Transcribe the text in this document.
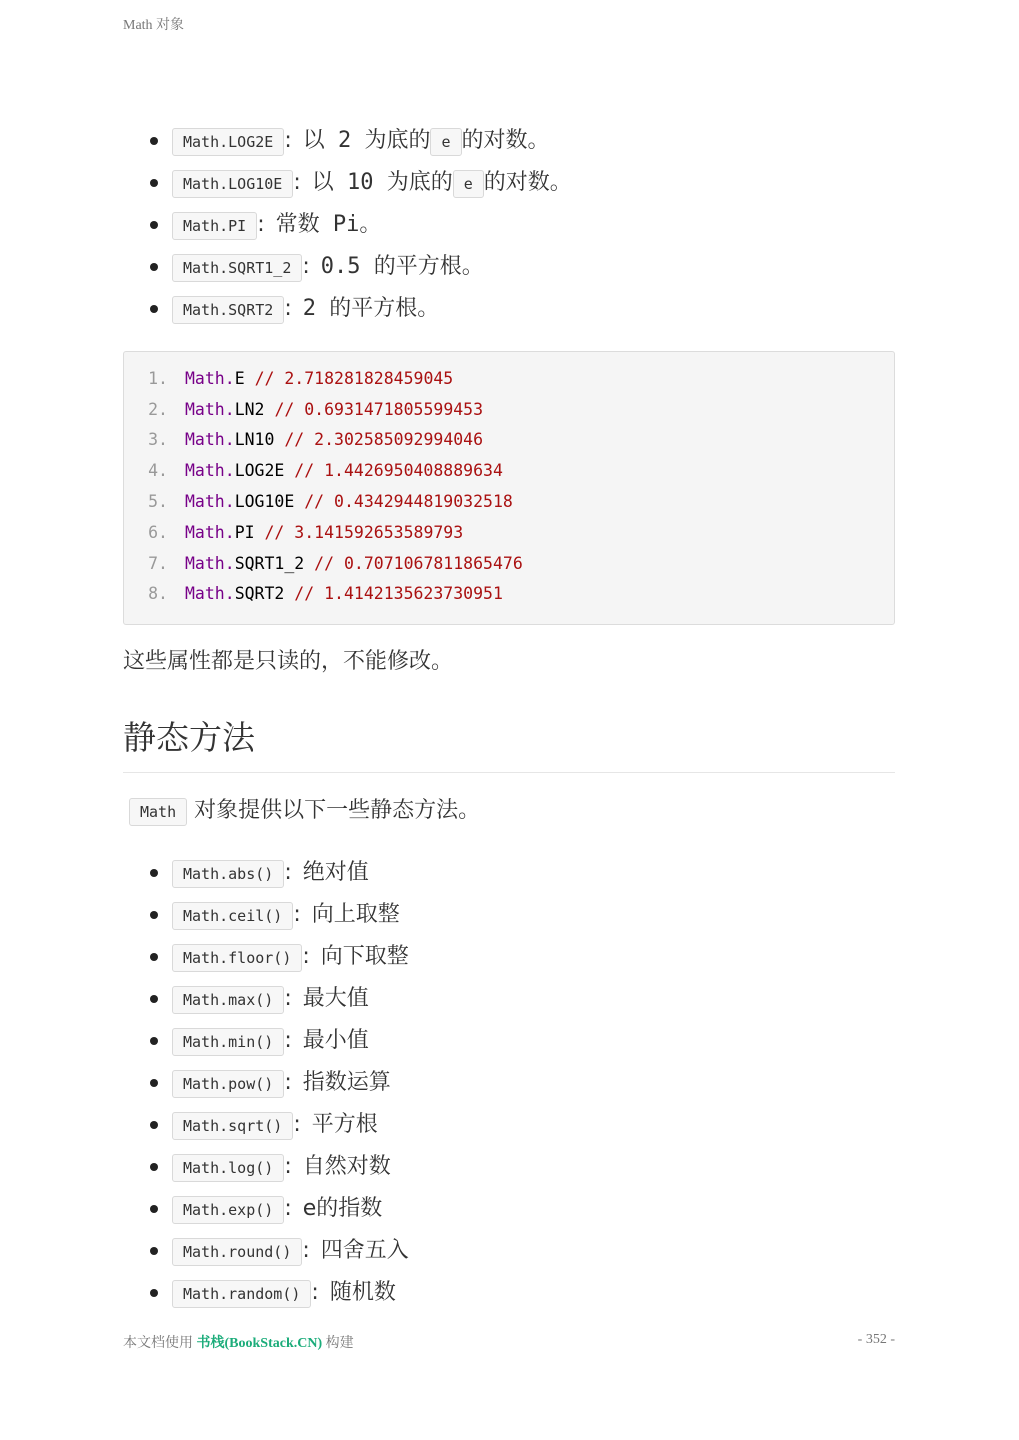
Math 对象
Math.LOG2E : 以 2 为底的 e 的对数。
Math.LOG10E : 以 10 为底的 e 的对数。
Math.PI : 常数 Pi。
Math.SQRT1_2 : 0.5 的平方根。
Math.SQRT2 : 2 的平方根。
1. Math.E // 2.718281828459045
2. Math.LN2 // 0.6931471805599453
3. Math.LN10 // 2.302585092994046
4. Math.LOG2E // 1.4426950408889634
5. Math.LOG10E // 0.4342944819032518
6. Math.PI // 3.141592653589793
7. Math.SQRT1_2 // 0.7071067811865476
8. Math.SQRT2 // 1.4142135623730951
这些属性都是只读的，不能修改。
静态方法
Math 对象提供以下一些静态方法。
Math.abs() : 绝对值
Math.ceil() : 向上取整
Math.floor() : 向下取整
Math.max() : 最大值
Math.min() : 最小值
Math.pow() : 指数运算
Math.sqrt() : 平方根
Math.log() : 自然对数
Math.exp() : e的指数
Math.round() : 四舍五入
Math.random() : 随机数
本文档使用 书栈(BookStack.CN) 构建	- 352 -
